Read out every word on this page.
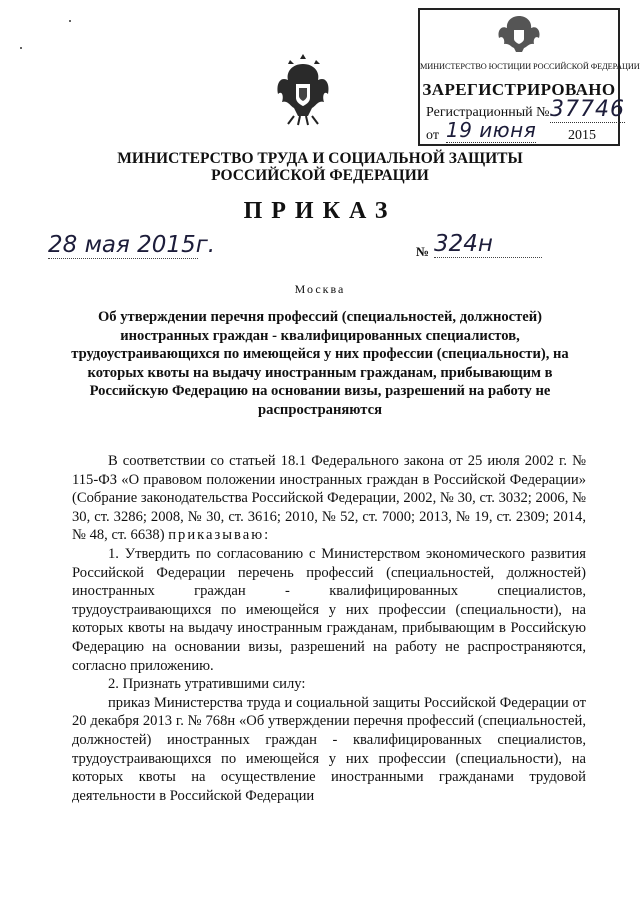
МИНИСТЕРСТВО ЮСТИЦИИ РОССИЙСКОЙ ФЕДЕРАЦИИ
ЗАРЕГИСТРИРОВАНО
Регистрационный № 37746
от 19 июня 2015
МИНИСТЕРСТВО ТРУДА И СОЦИАЛЬНОЙ ЗАЩИТЫ
РОССИЙСКОЙ ФЕДЕРАЦИИ
ПРИКАЗ
28 мая 2015г.	№ 324н
Москва
Об утверждении перечня профессий (специальностей, должностей) иностранных граждан - квалифицированных специалистов, трудоустраивающихся по имеющейся у них профессии (специальности), на которых квоты на выдачу иностранным гражданам, прибывающим в Российскую Федерацию на основании визы, разрешений на работу не распространяются

В соответствии со статьей 18.1 Федерального закона от 25 июля 2002 г. № 115-ФЗ «О правовом положении иностранных граждан в Российской Федерации» (Собрание законодательства Российской Федерации, 2002, № 30, ст. 3032; 2006, № 30, ст. 3286; 2008, № 30, ст. 3616; 2010, № 52, ст. 7000; 2013, № 19, ст. 2309; 2014, № 48, ст. 6638) приказываю:

1. Утвердить по согласованию с Министерством экономического развития Российской Федерации перечень профессий (специальностей, должностей) иностранных граждан - квалифицированных специалистов, трудоустраивающихся по имеющейся у них профессии (специальности), на которых квоты на выдачу иностранным гражданам, прибывающим в Российскую Федерацию на основании визы, разрешений на работу не распространяются, согласно приложению.

2. Признать утратившими силу:

приказ Министерства труда и социальной защиты Российской Федерации от 20 декабря 2013 г. № 768н «Об утверждении перечня профессий (специальностей, должностей) иностранных граждан - квалифицированных специалистов, трудоустраивающихся по имеющейся у них профессии (специальности), на которых квоты на осуществление иностранными гражданами трудовой деятельности в Российской Федерации
